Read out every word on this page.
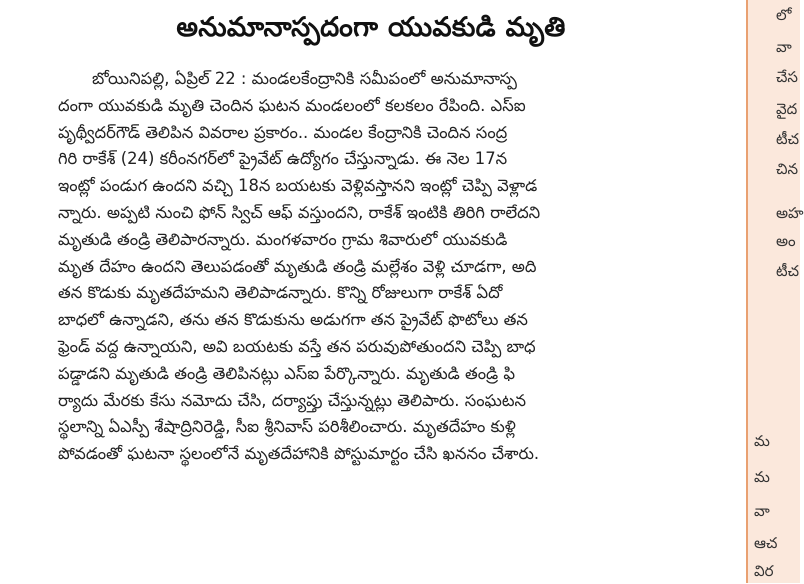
అనుమానాస్పదంగా యువకుడి మృతి
బోయినిపల్లి, ఏప్రిల్ 22 : మండలకేంద్రానికి సమీపంలో అనుమానాస్ప
దంగా యువకుడి మృతి చెందిన ఘటన మండలంలో కలకలం రేపింది. ఎస్ఐ
పృథ్వీదర్‌గౌడ్ తెలిపిన వివరాల ప్రకారం.. మండల కేంద్రానికి చెందిన సంద్ర
గిరి రాకేశ్ (24) కరీంనగర్‌లో ప్రైవేట్ ఉద్యోగం చేస్తున్నాడు. ఈ నెల 17న
ఇంట్లో పండుగ ఉందని వచ్చి 18న బయటకు వెళ్లివస్తానని ఇంట్లో చెప్పి వెళ్లాడ
న్నారు. అప్పటి నుంచి ఫోన్ స్విచ్ ఆఫ్ వస్తుందని, రాకేశ్ ఇంటికి తిరిగి రాలేదని
మృతుడి తండ్రి తెలిపారన్నారు. మంగళవారం గ్రామ శివారులో యువకుడి
మృత దేహం ఉందని తెలుపడంతో మృతుడి తండ్రి మల్లేశం వెళ్లి చూడగా, అది
తన కొడుకు మృతదేహమని తెలిపాడన్నారు. కొన్ని రోజులుగా రాకేశ్ ఏదో
బాధలో ఉన్నాడని, తను తన కొడుకును అడుగగా తన ప్రైవేట్ ఫొటోలు తన
ఫ్రెండ్ వద్ద ఉన్నాయని, అవి బయటకు వస్తే తన పరువుపోతుందని చెప్పి బాధ
పడ్డాడని మృతుడి తండ్రి తెలిపినట్లు ఎస్ఐ పేర్కొన్నారు. మృతుడి తండ్రి ఫి
ర్యాదు మేరకు కేసు నమోదు చేసి, దర్యాప్తు చేస్తున్నట్లు తెలిపారు. సంఘటన
స్థలాన్ని ఏఎస్పీ శేషాద్రినిరెడ్డి, సీఐ శ్రీనివాస్ పరిశీలించారు. మృతదేహం కుళ్లి
పోవడంతో ఘటనా స్థలంలోనే మృతదేహానికి పోస్టుమార్టం చేసి ఖననం చేశారు.
లో
వా
చేస
వైద
టీచ
చిన
అహ
అం
టీచ
మ
మ
వా
ఆచ
విర
